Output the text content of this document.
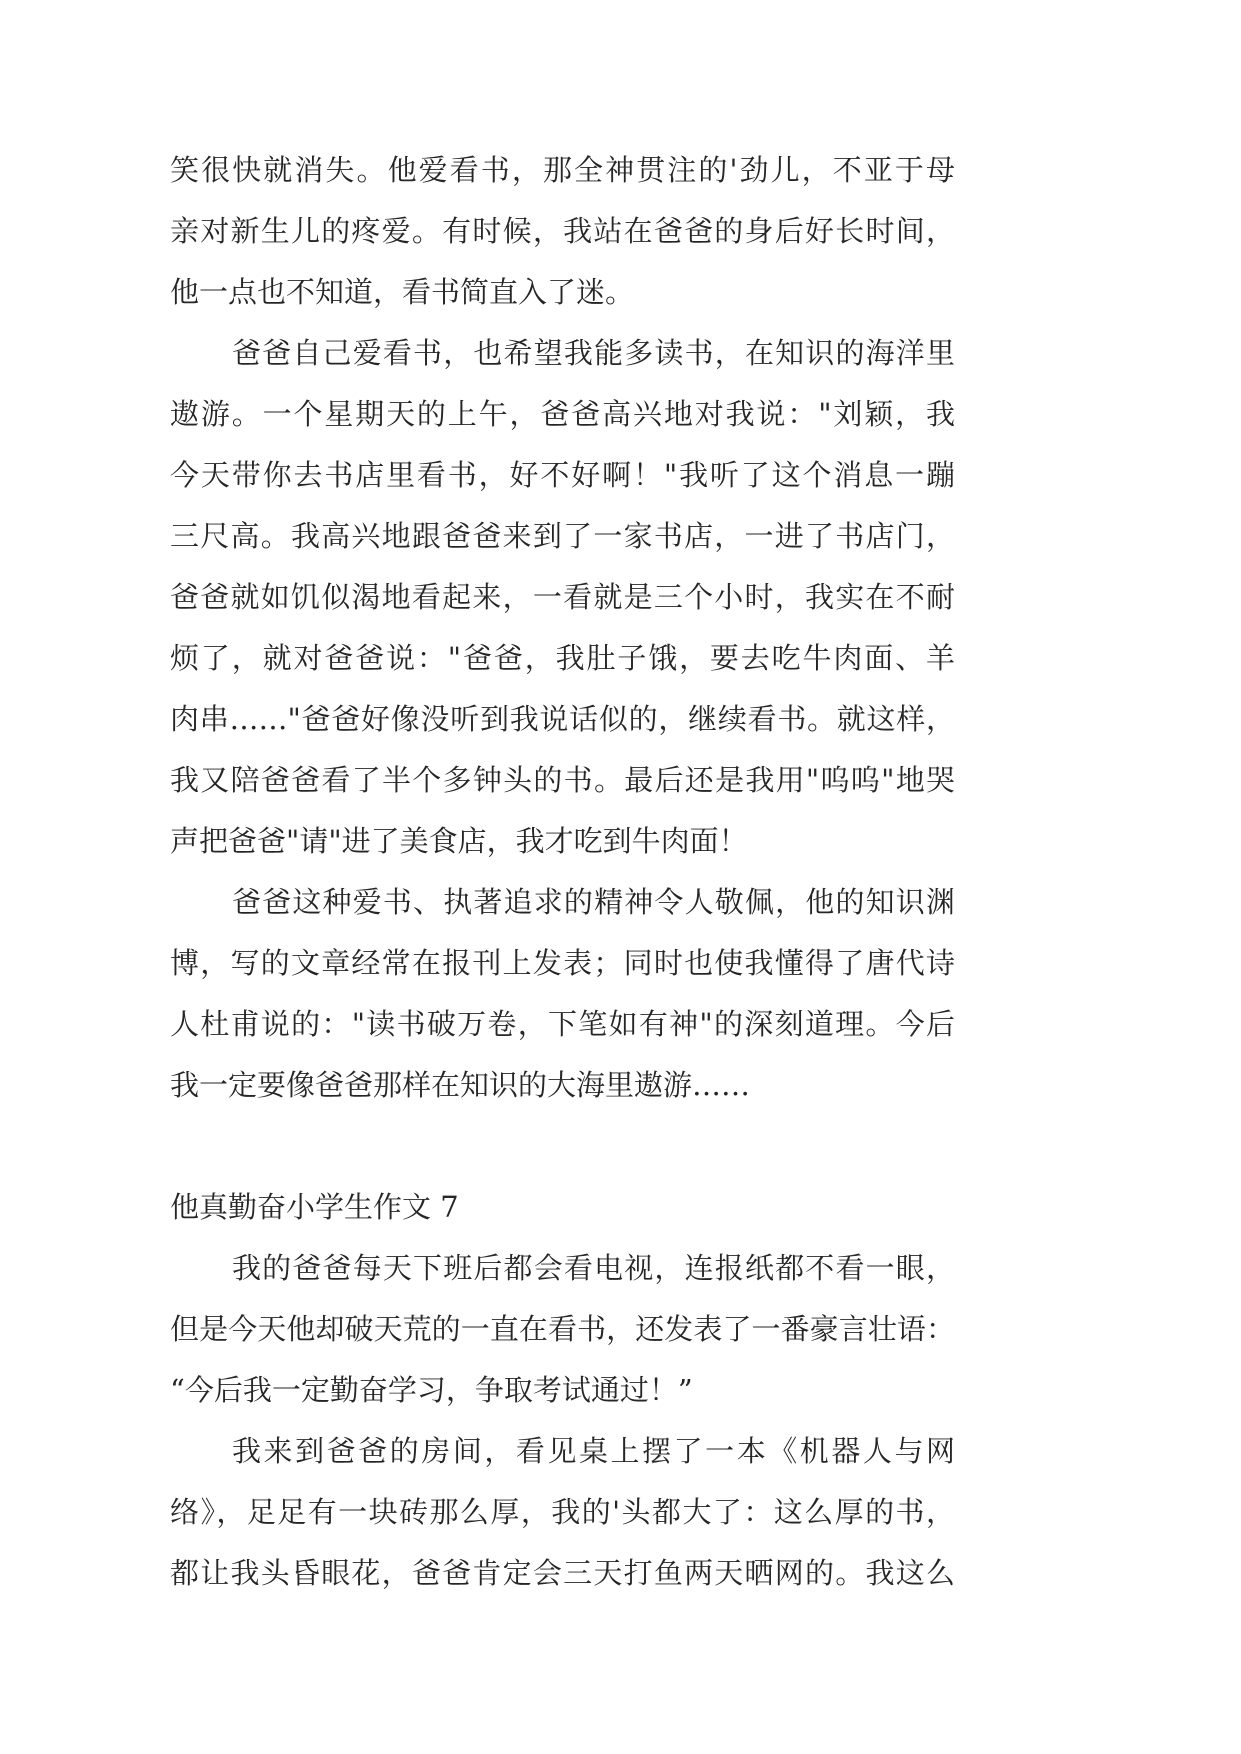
笑很快就消失。他爱看书，那全神贯注的'劲儿，不亚于母
亲对新生儿的疼爱。有时候，我站在爸爸的身后好长时间，
他一点也不知道，看书简直入了迷。
爸爸自己爱看书，也希望我能多读书，在知识的海洋里
遨游。一个星期天的上午，爸爸高兴地对我说："刘颖，我
今天带你去书店里看书，好不好啊！"我听了这个消息一蹦
三尺高。我高兴地跟爸爸来到了一家书店，一进了书店门，
爸爸就如饥似渴地看起来，一看就是三个小时，我实在不耐
烦了，就对爸爸说："爸爸，我肚子饿，要去吃牛肉面、羊
肉串……"爸爸好像没听到我说话似的，继续看书。就这样，
我又陪爸爸看了半个多钟头的书。最后还是我用"呜呜"地哭
声把爸爸"请"进了美食店，我才吃到牛肉面！
爸爸这种爱书、执著追求的精神令人敬佩，他的知识渊
博，写的文章经常在报刊上发表；同时也使我懂得了唐代诗
人杜甫说的："读书破万卷，下笔如有神"的深刻道理。今后
我一定要像爸爸那样在知识的大海里遨游……
他真勤奋小学生作文 7
我的爸爸每天下班后都会看电视，连报纸都不看一眼，
但是今天他却破天荒的一直在看书，还发表了一番豪言壮语：
“今后我一定勤奋学习，争取考试通过！”
我来到爸爸的房间，看见桌上摆了一本《机器人与网
络》，足足有一块砖那么厚，我的'头都大了：这么厚的书，
都让我头昏眼花，爸爸肯定会三天打鱼两天晒网的。我这么
